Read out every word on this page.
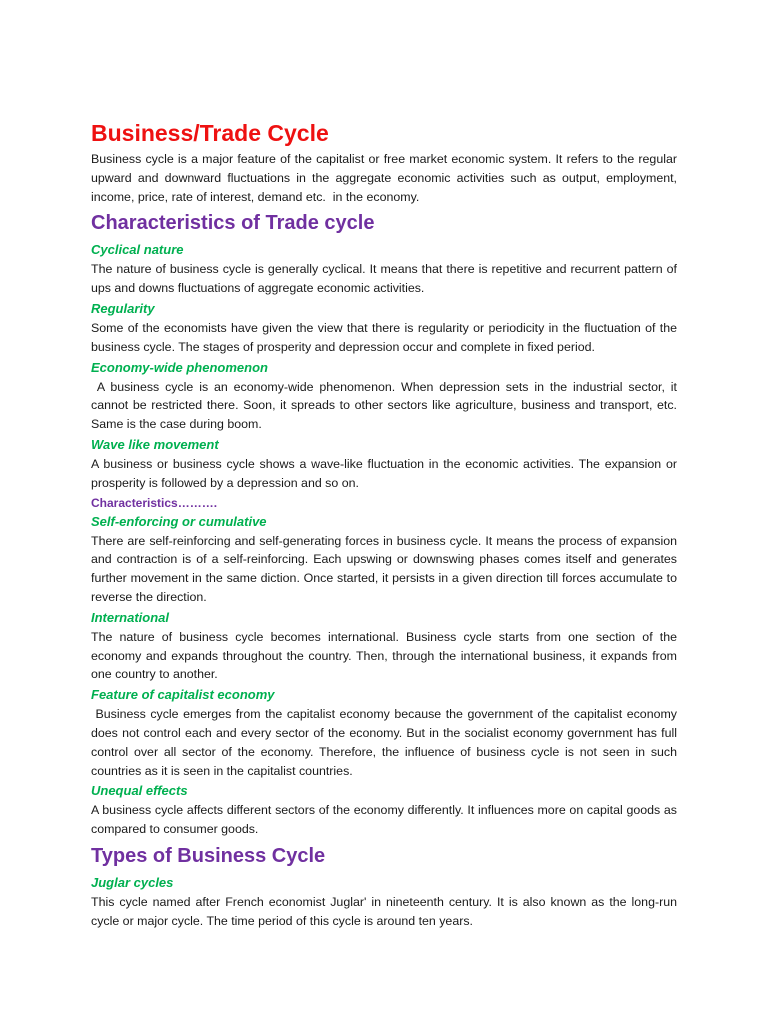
Business/Trade Cycle

Business cycle is a major feature of the capitalist or free market economic system. It refers to the regular upward and downward fluctuations in the aggregate economic activities such as output, employment, income, price, rate of interest, demand etc.  in the economy.

Characteristics of Trade cycle
Cyclical nature

The nature of business cycle is generally cyclical. It means that there is repetitive and recurrent pattern of ups and downs fluctuations of aggregate economic activities.

Regularity

Some of the economists have given the view that there is regularity or periodicity in the fluctuation of the business cycle. The stages of prosperity and depression occur and complete in fixed period.

Economy-wide phenomenon

A business cycle is an economy-wide phenomenon. When depression sets in the industrial sector, it cannot be restricted there. Soon, it spreads to other sectors like agriculture, business and transport, etc. Same is the case during boom.

Wave like movement

A business or business cycle shows a wave-like fluctuation in the economic activities. The expansion or prosperity is followed by a depression and so on.

Characteristics……….
Self-enforcing or cumulative

There are self-reinforcing and self-generating forces in business cycle. It means the process of expansion and contraction is of a self-reinforcing. Each upswing or downswing phases comes itself and generates further movement in the same diction. Once started, it persists in a given direction till forces accumulate to reverse the direction.

International

The nature of business cycle becomes international. Business cycle starts from one section of the economy and expands throughout the country. Then, through the international business, it expands from one country to another.

Feature of capitalist economy

Business cycle emerges from the capitalist economy because the government of the capitalist economy does not control each and every sector of the economy. But in the socialist economy government has full control over all sector of the economy. Therefore, the influence of business cycle is not seen in such countries as it is seen in the capitalist countries.

Unequal effects

A business cycle affects different sectors of the economy differently. It influences more on capital goods as compared to consumer goods.

Types of Business Cycle
Juglar cycles

This cycle named after French economist Juglar' in nineteenth century. It is also known as the long-run cycle or major cycle. The time period of this cycle is around ten years.
